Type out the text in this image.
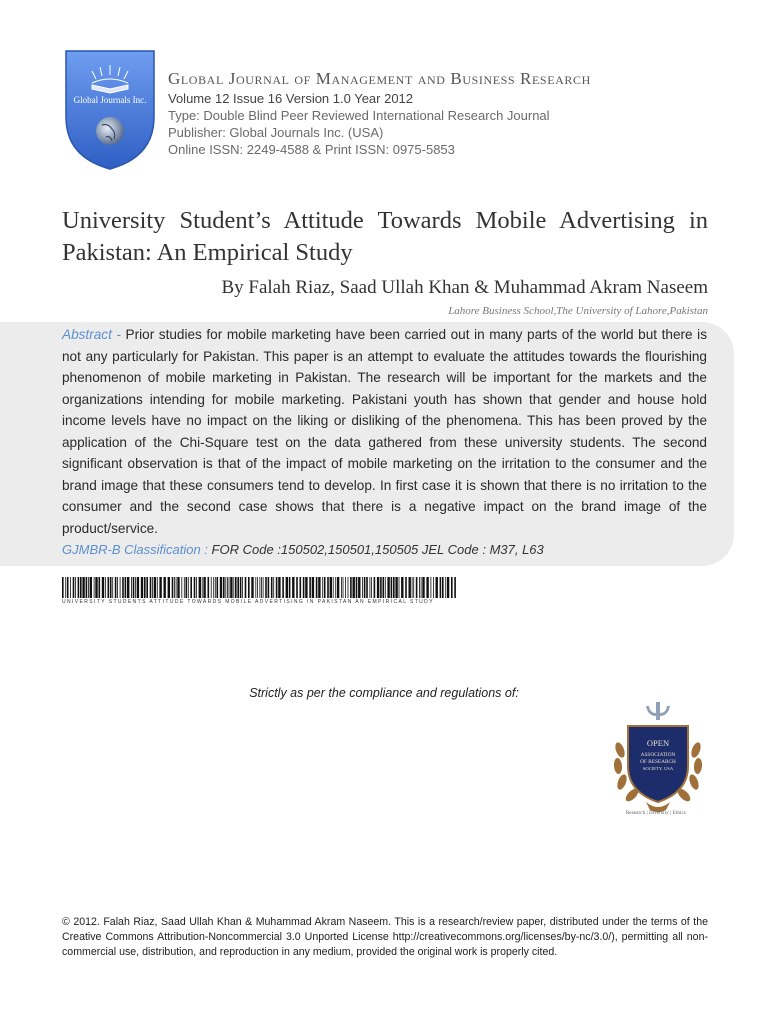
Global Journals Inc.
Global Journal of Management and Business Research
Volume 12 Issue 16 Version 1.0 Year 2012
Type: Double Blind Peer Reviewed International Research Journal
Publisher: Global Journals Inc. (USA)
Online ISSN: 2249-4588 & Print ISSN: 0975-5853
University Student’s Attitude Towards Mobile Advertising in Pakistan: An Empirical Study
By Falah Riaz, Saad Ullah Khan & Muhammad Akram Naseem
Lahore Business School,The University of Lahore,Pakistan
Abstract - Prior studies for mobile marketing have been carried out in many parts of the world but there is not any particularly for Pakistan. This paper is an attempt to evaluate the attitudes towards the flourishing phenomenon of mobile marketing in Pakistan. The research will be important for the markets and the organizations intending for mobile marketing. Pakistani youth has shown that gender and house hold income levels have no impact on the liking or disliking of the phenomena. This has been proved by the application of the Chi-Square test on the data gathered from these university students. The second significant observation is that of the impact of mobile marketing on the irritation to the consumer and the brand image that these consumers tend to develop. In first case it is shown that there is no irritation to the consumer and the second case shows that there is a negative impact on the brand image of the product/service.
GJMBR-B Classification : FOR Code :150502,150501,150505 JEL Code : M37, L63
UNIVERSITY STUDENTS ATTITUDE TOWARDS MOBILE ADVERTISING IN PAKISTAN AN EMPIRICAL STUDY
Strictly as per the compliance and regulations of:
OPEN
ASSOCIATION
OF RESEARCH
SOCIETY, USA
Research | Diversity | Ethics
© 2012. Falah Riaz, Saad Ullah Khan & Muhammad Akram Naseem. This is a research/review paper, distributed under the terms of the Creative Commons Attribution-Noncommercial 3.0 Unported License http://creativecommons.org/licenses/by-nc/3.0/), permitting all non-commercial use, distribution, and reproduction in any medium, provided the original work is properly cited.
